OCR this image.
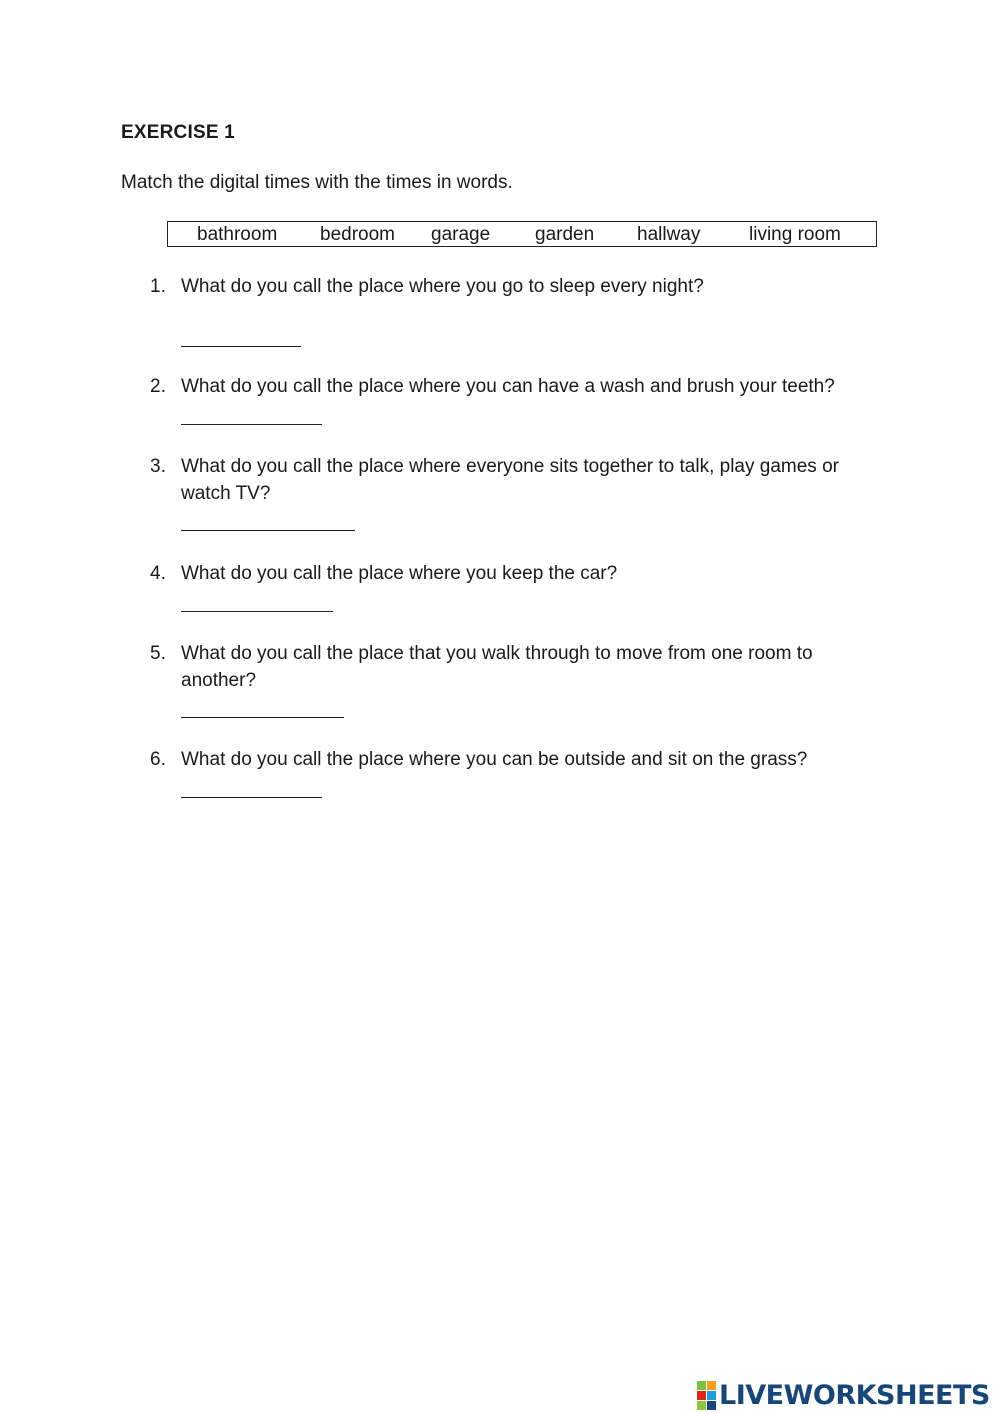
EXERCISE 1
Match the digital times with the times in words.
bathroom bedroom garage garden hallway	living room
1. What do you call the place where you go to sleep every night?
2. What do you call the place where you can have a wash and brush your teeth?
3. What do you call the place where everyone sits together to talk, play games or watch TV?
4. What do you call the place where you keep the car?
5. What do you call the place that you walk through to move from one room to another?
6. What do you call the place where you can be outside and sit on the grass?
LIVEWORKSHEETS
